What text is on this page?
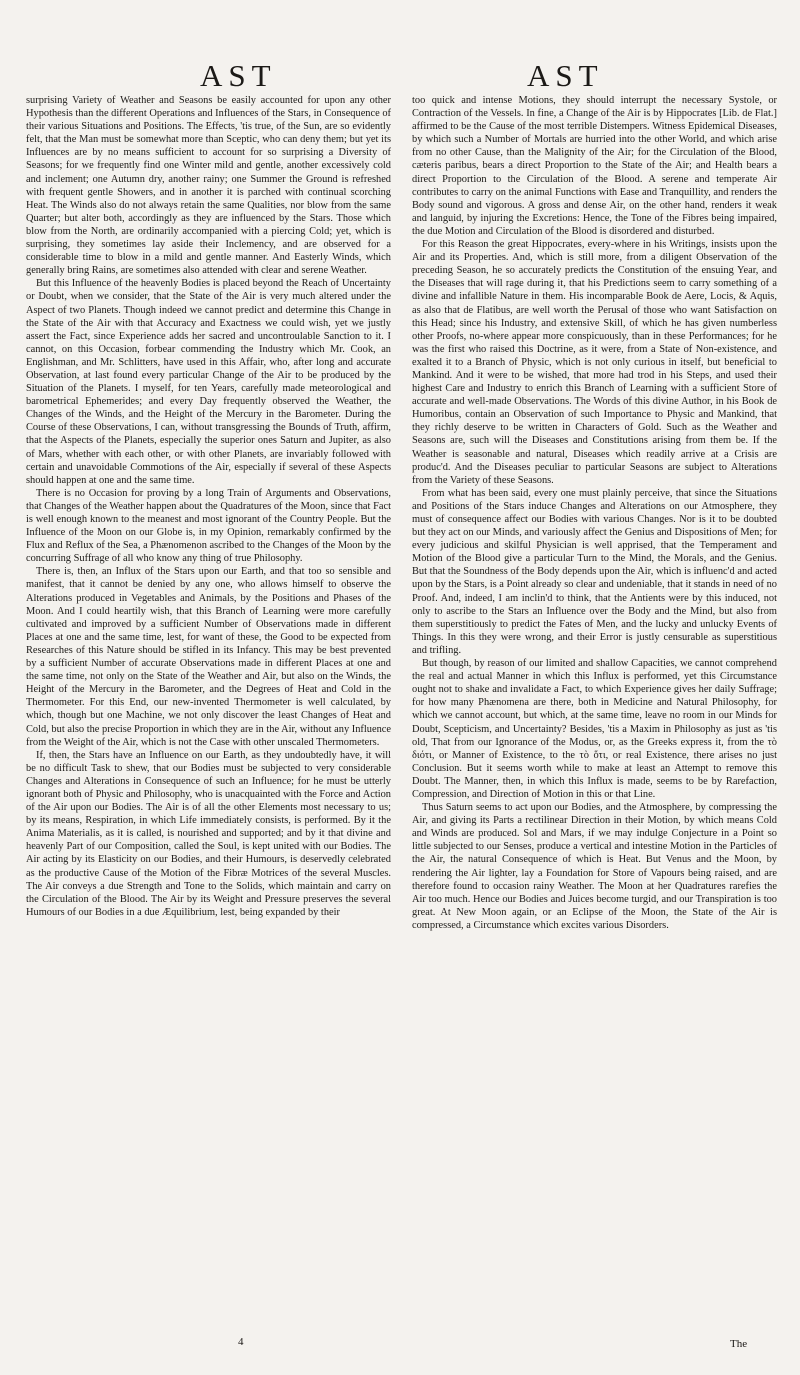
AST	AST

surprising Variety of Weather and Seasons be easily accounted for upon any other Hypothesis than the different Operations and Influences of the Stars, in Consequence of their various Situations and Positions. The Effects, 'tis true, of the Sun, are so evidently felt, that the Man must be somewhat more than Sceptic, who can deny them; but yet its Influences are by no means sufficient to account for so surprising a Diversity of Seasons; for we frequently find one Winter mild and gentle, another excessively cold and inclement; one Autumn dry, another rainy; one Summer the Ground is refreshed with frequent gentle Showers, and in another it is parched with continual scorching Heat. The Winds also do not always retain the same Qualities, nor blow from the same Quarter; but alter both, accordingly as they are influenced by the Stars. Those which blow from the North, are ordinarily accompanied with a piercing Cold; yet, which is surprising, they sometimes lay aside their Inclemency, and are observed for a considerable time to blow in a mild and gentle manner. And Easterly Winds, which generally bring Rains, are sometimes also attended with clear and serene Weather.

But this Influence of the heavenly Bodies is placed beyond the Reach of Uncertainty or Doubt, when we consider, that the State of the Air is very much altered under the Aspect of two Planets. Though indeed we cannot predict and determine this Change in the State of the Air with that Accuracy and Exactness we could wish, yet we justly assert the Fact, since Experience adds her sacred and uncontroulable Sanction to it. I cannot, on this Occasion, forbear commending the Industry which Mr. Cook, an Englishman, and Mr. Schlitters, have used in this Affair, who, after long and accurate Observation, at last found every particular Change of the Air to be produced by the Situation of the Planets. I myself, for ten Years, carefully made meteorological and barometrical Ephemerides; and every Day frequently observed the Weather, the Changes of the Winds, and the Height of the Mercury in the Barometer. During the Course of these Observations, I can, without transgressing the Bounds of Truth, affirm, that the Aspects of the Planets, especially the superior ones Saturn and Jupiter, as also of Mars, whether with each other, or with other Planets, are invariably followed with certain and unavoidable Commotions of the Air, especially if several of these Aspects should happen at one and the same time.

There is no Occasion for proving by a long Train of Arguments and Observations, that Changes of the Weather happen about the Quadratures of the Moon, since that Fact is well enough known to the meanest and most ignorant of the Country People. But the Influence of the Moon on our Globe is, in my Opinion, remarkably confirmed by the Flux and Reflux of the Sea, a Phænomenon ascribed to the Changes of the Moon by the concurring Suffrage of all who know any thing of true Philosophy.

There is, then, an Influx of the Stars upon our Earth, and that too so sensible and manifest, that it cannot be denied by any one, who allows himself to observe the Alterations produced in Vegetables and Animals, by the Positions and Phases of the Moon. And I could heartily wish, that this Branch of Learning were more carefully cultivated and improved by a sufficient Number of Observations made in different Places at one and the same time, lest, for want of these, the Good to be expected from Researches of this Nature should be stifled in its Infancy. This may be best prevented by a sufficient Number of accurate Observations made in different Places at one and the same time, not only on the State of the Weather and Air, but also on the Winds, the Height of the Mercury in the Barometer, and the Degrees of Heat and Cold in the Thermometer. For this End, our new-invented Thermometer is well calculated, by which, though but one Machine, we not only discover the least Changes of Heat and Cold, but also the precise Proportion in which they are in the Air, without any Influence from the Weight of the Air, which is not the Case with other unscaled Thermometers.

If, then, the Stars have an Influence on our Earth, as they undoubtedly have, it will be no difficult Task to shew, that our Bodies must be subjected to very considerable Changes and Alterations in Consequence of such an Influence; for he must be utterly ignorant both of Physic and Philosophy, who is unacquainted with the Force and Action of the Air upon our Bodies. The Air is of all the other Elements most necessary to us; by its means, Respiration, in which Life immediately consists, is performed. By it the Anima Materialis, as it is called, is nourished and supported; and by it that divine and heavenly Part of our Composition, called the Soul, is kept united with our Bodies. The Air acting by its Elasticity on our Bodies, and their Humours, is deservedly celebrated as the productive Cause of the Motion of the Fibræ Motrices of the several Muscles. The Air conveys a due Strength and Tone to the Solids, which maintain and carry on the Circulation of the Blood. The Air by its Weight and Pressure preserves the several Humours of our Bodies in a due Æquilibrium, lest, being expanded by their

too quick and intense Motions, they should interrupt the necessary Systole, or Contraction of the Vessels. In fine, a Change of the Air is by Hippocrates [Lib. de Flat.] affirmed to be the Cause of the most terrible Distempers. Witness Epidemical Diseases, by which such a Number of Mortals are hurried into the other World, and which arise from no other Cause, than the Malignity of the Air; for the Circulation of the Blood, cæteris paribus, bears a direct Proportion to the State of the Air; and Health bears a direct Proportion to the Circulation of the Blood. A serene and temperate Air contributes to carry on the animal Functions with Ease and Tranquillity, and renders the Body sound and vigorous. A gross and dense Air, on the other hand, renders it weak and languid, by injuring the Excretions: Hence, the Tone of the Fibres being impaired, the due Motion and Circulation of the Blood is disordered and disturbed.

For this Reason the great Hippocrates, every-where in his Writings, insists upon the Air and its Properties. And, which is still more, from a diligent Observation of the preceding Season, he so accurately predicts the Constitution of the ensuing Year, and the Diseases that will rage during it, that his Predictions seem to carry something of a divine and infallible Nature in them. His incomparable Book de Aere, Locis, & Aquis, as also that de Flatibus, are well worth the Perusal of those who want Satisfaction on this Head; since his Industry, and extensive Skill, of which he has given numberless other Proofs, no-where appear more conspicuously, than in these Performances; for he was the first who raised this Doctrine, as it were, from a State of Non-existence, and exalted it to a Branch of Physic, which is not only curious in itself, but beneficial to Mankind. And it were to be wished, that more had trod in his Steps, and used their highest Care and Industry to enrich this Branch of Learning with a sufficient Store of accurate and well-made Observations. The Words of this divine Author, in his Book de Humoribus, contain an Observation of such Importance to Physic and Mankind, that they richly deserve to be written in Characters of Gold. Such as the Weather and Seasons are, such will the Diseases and Constitutions arising from them be. If the Weather is seasonable and natural, Diseases which readily arrive at a Crisis are produc'd. And the Diseases peculiar to particular Seasons are subject to Alterations from the Variety of these Seasons.

From what has been said, every one must plainly perceive, that since the Situations and Positions of the Stars induce Changes and Alterations on our Atmosphere, they must of consequence affect our Bodies with various Changes. Nor is it to be doubted but they act on our Minds, and variously affect the Genius and Dispositions of Men; for every judicious and skilful Physician is well apprised, that the Temperament and Motion of the Blood give a particular Turn to the Mind, the Morals, and the Genius. But that the Soundness of the Body depends upon the Air, which is influenc'd and acted upon by the Stars, is a Point already so clear and undeniable, that it stands in need of no Proof. And, indeed, I am inclin'd to think, that the Antients were by this induced, not only to ascribe to the Stars an Influence over the Body and the Mind, but also from them superstitiously to predict the Fates of Men, and the lucky and unlucky Events of Things. In this they were wrong, and their Error is justly censurable as superstitious and trifling.

But though, by reason of our limited and shallow Capacities, we cannot comprehend the real and actual Manner in which this Influx is performed, yet this Circumstance ought not to shake and invalidate a Fact, to which Experience gives her daily Suffrage; for how many Phænomena are there, both in Medicine and Natural Philosophy, for which we cannot account, but which, at the same time, leave no room in our Minds for Doubt, Scepticism, and Uncertainty? Besides, 'tis a Maxim in Philosophy as just as 'tis old, That from our Ignorance of the Modus, or, as the Greeks express it, from the τὸ διότι, or Manner of Existence, to the τὸ ὅτι, or real Existence, there arises no just Conclusion. But it seems worth while to make at least an Attempt to remove this Doubt. The Manner, then, in which this Influx is made, seems to be by Rarefaction, Compression, and Direction of Motion in this or that Line.

Thus Saturn seems to act upon our Bodies, and the Atmosphere, by compressing the Air, and giving its Parts a rectilinear Direction in their Motion, by which means Cold and Winds are produced. Sol and Mars, if we may indulge Conjecture in a Point so little subjected to our Senses, produce a vertical and intestine Motion in the Particles of the Air, the natural Consequence of which is Heat. But Venus and the Moon, by rendering the Air lighter, lay a Foundation for Store of Vapours being raised, and are therefore found to occasion rainy Weather. The Moon at her Quadratures rarefies the Air too much. Hence our Bodies and Juices become turgid, and our Transpiration is too great. At New Moon again, or an Eclipse of the Moon, the State of the Air is compressed, a Circumstance which excites various Disorders.

4	The
